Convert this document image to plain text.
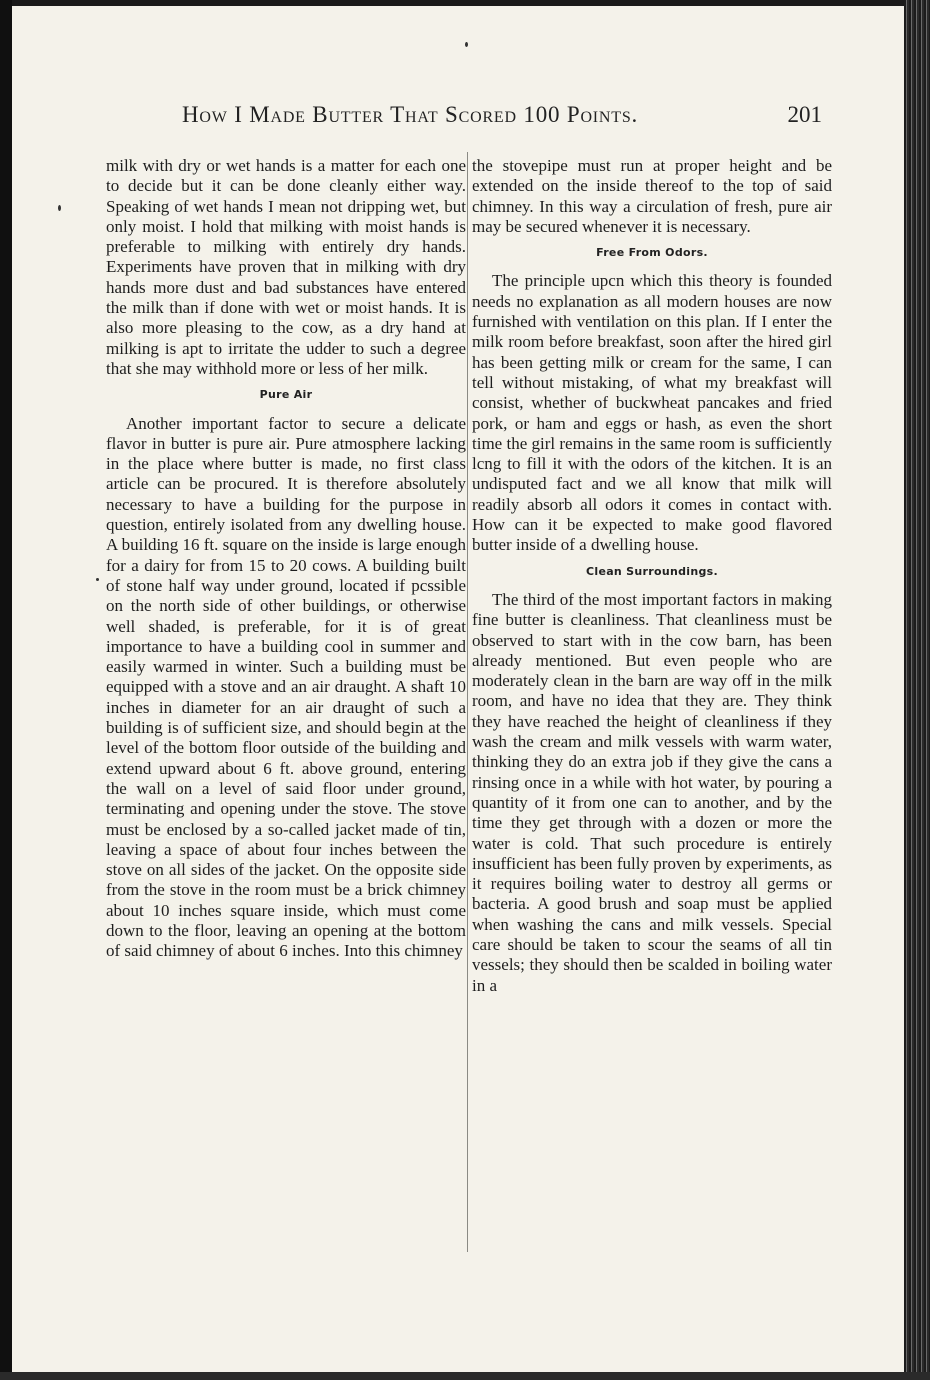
How I Made Butter That Scored 100 Points.	201

milk with dry or wet hands is a matter for each one to decide but it can be done cleanly either way. Speaking of wet hands I mean not dripping wet, but only moist. I hold that milking with moist hands is preferable to milking with entirely dry hands. Experiments have proven that in milking with dry hands more dust and bad substances have entered the milk than if done with wet or moist hands. It is also more pleasing to the cow, as a dry hand at milking is apt to irritate the udder to such a degree that she may withhold more or less of her milk.

Pure Air

Another important factor to secure a delicate flavor in butter is pure air. Pure atmosphere lacking in the place where butter is made, no first class article can be procured. It is therefore absolutely necessary to have a building for the purpose in question, entirely isolated from any dwelling house. A building 16 ft. square on the inside is large enough for a dairy for from 15 to 20 cows. A building built of stone half way under ground, located if pcssible on the north side of other buildings, or otherwise well shaded, is preferable, for it is of great importance to have a building cool in summer and easily warmed in winter. Such a building must be equipped with a stove and an air draught. A shaft 10 inches in diameter for an air draught of such a building is of sufficient size, and should begin at the level of the bottom floor outside of the building and extend upward about 6 ft. above ground, entering the wall on a level of said floor under ground, terminating and opening under the stove. The stove must be enclosed by a so-called jacket made of tin, leaving a space of about four inches between the stove on all sides of the jacket. On the opposite side from the stove in the room must be a brick chimney about 10 inches square inside, which must come down to the floor, leaving an opening at the bottom of said chimney of about 6 inches. Into this chimney

the stovepipe must run at proper height and be extended on the inside thereof to the top of said chimney. In this way a circulation of fresh, pure air may be secured whenever it is necessary.

Free From Odors.

The principle upcn which this theory is founded needs no explanation as all modern houses are now furnished with ventilation on this plan. If I enter the milk room before breakfast, soon after the hired girl has been getting milk or cream for the same, I can tell without mistaking, of what my breakfast will consist, whether of buckwheat pancakes and fried pork, or ham and eggs or hash, as even the short time the girl remains in the same room is sufficiently lcng to fill it with the odors of the kitchen. It is an undisputed fact and we all know that milk will readily absorb all odors it comes in contact with. How can it be expected to make good flavored butter inside of a dwelling house.

Clean Surroundings.

The third of the most important factors in making fine butter is cleanliness. That cleanliness must be observed to start with in the cow barn, has been already mentioned. But even people who are moderately clean in the barn are way off in the milk room, and have no idea that they are. They think they have reached the height of cleanliness if they wash the cream and milk vessels with warm water, thinking they do an extra job if they give the cans a rinsing once in a while with hot water, by pouring a quantity of it from one can to another, and by the time they get through with a dozen or more the water is cold. That such procedure is entirely insufficient has been fully proven by experiments, as it requires boiling water to destroy all germs or bacteria. A good brush and soap must be applied when washing the cans and milk vessels. Special care should be taken to scour the seams of all tin vessels; they should then be scalded in boiling water in a
